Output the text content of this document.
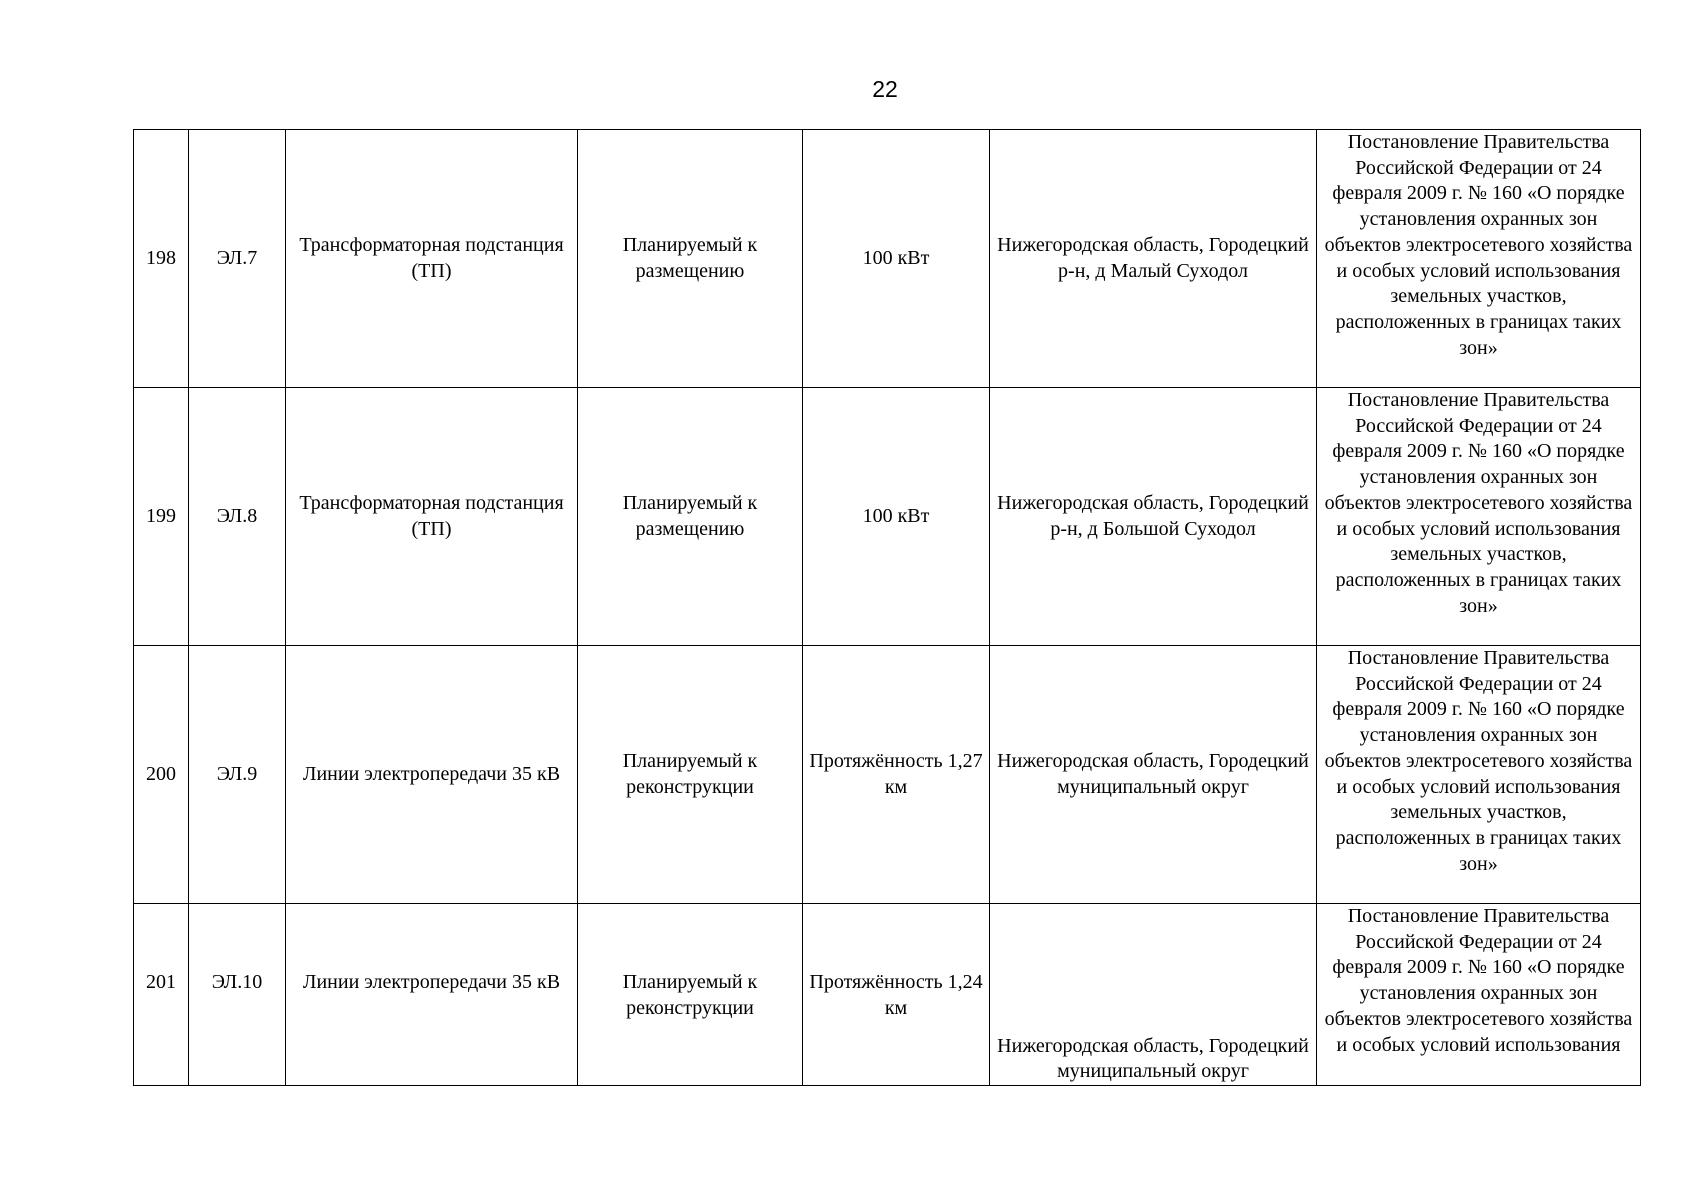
22
198	ЭЛ.7	Трансформаторная подстанция (ТП)	Планируемый к размещению	100 кВт	Нижегородская область, Городецкий р-н, д Малый Суходол	Постановление Правительства Российской Федерации от 24 февраля 2009 г. № 160 «О порядке установления охранных зон объектов электросетевого хозяйства и особых условий использования земельных участков, расположенных в границах таких зон»

199	ЭЛ.8	Трансформаторная подстанция (ТП)	Планируемый к размещению	100 кВт	Нижегородская область, Городецкий р-н, д Большой Суходол	Постановление Правительства Российской Федерации от 24 февраля 2009 г. № 160 «О порядке установления охранных зон объектов электросетевого хозяйства и особых условий использования земельных участков, расположенных в границах таких зон»

200	ЭЛ.9	Линии электропередачи 35 кВ	Планируемый к реконструкции	Протяжённость 1,27 км	Нижегородская область, Городецкий муниципальный округ	Постановление Правительства Российской Федерации от 24 февраля 2009 г. № 160 «О порядке установления охранных зон объектов электросетевого хозяйства и особых условий использования земельных участков, расположенных в границах таких зон»

201	ЭЛ.10	Линии электропередачи 35 кВ	Планируемый к реконструкции	Протяжённость 1,24 км	Нижегородская область, Городецкий муниципальный округ	Постановление Правительства Российской Федерации от 24 февраля 2009 г. № 160 «О порядке установления охранных зон объектов электросетевого хозяйства и особых условий использования
